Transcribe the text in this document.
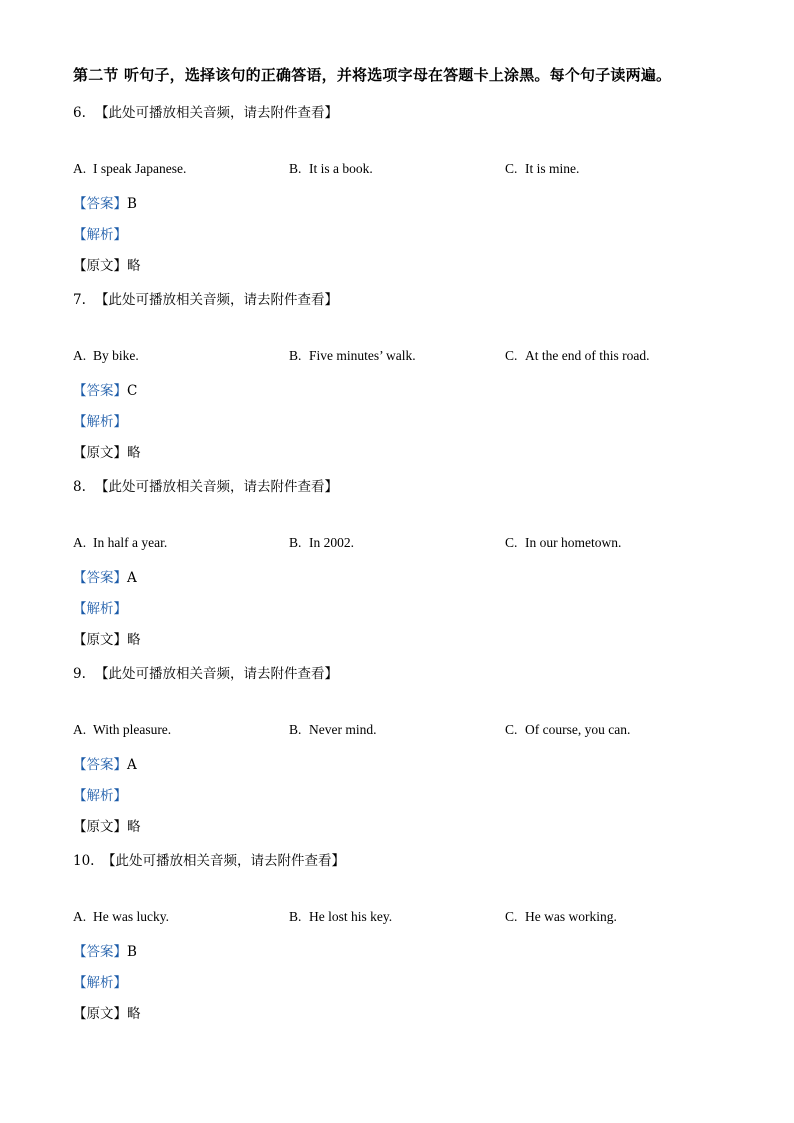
第二节 听句子，选择该句的正确答语，并将选项字母在答题卡上涂黑。每个句子读两遍。
6. 【此处可播放相关音频，请去附件查看】
A. I speak Japanese.	B. It is a book.	C. It is mine.
【答案】B
【解析】
【原文】略
7. 【此处可播放相关音频，请去附件查看】
A. By bike.	B. Five minutes’ walk.	C. At the end of this road.
【答案】C
【解析】
【原文】略
8. 【此处可播放相关音频，请去附件查看】
A. In half a year.	B. In 2002.	C. In our hometown.
【答案】A
【解析】
【原文】略
9. 【此处可播放相关音频，请去附件查看】
A. With pleasure.	B. Never mind.	C. Of course, you can.
【答案】A
【解析】
【原文】略
10. 【此处可播放相关音频，请去附件查看】
A. He was lucky.	B. He lost his key.	C. He was working.
【答案】B
【解析】
【原文】略
